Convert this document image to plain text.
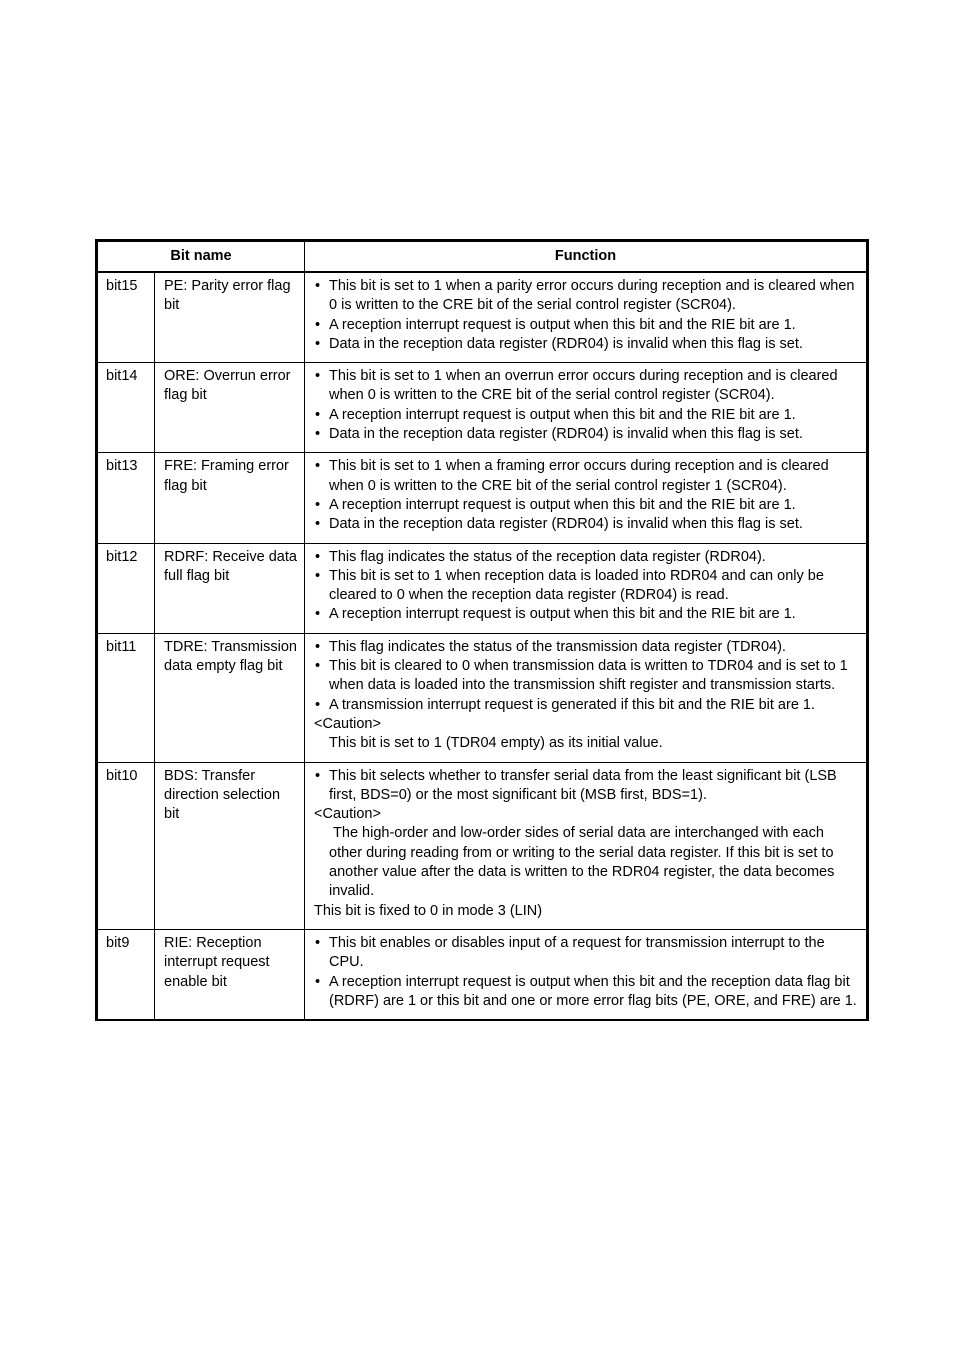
Bit name		Function
bit15	PE: Parity error flag bit	• This bit is set to 1 when a parity error occurs during reception and is cleared when 0 is written to the CRE bit of the serial control register (SCR04).
• A reception interrupt request is output when this bit and the RIE bit are 1.
• Data in the reception data register (RDR04) is invalid when this flag is set.

bit14	ORE: Overrun error flag bit	• This bit is set to 1 when an overrun error occurs during reception and is cleared when 0 is written to the CRE bit of the serial control register (SCR04).
• A reception interrupt request is output when this bit and the RIE bit are 1.
• Data in the reception data register (RDR04) is invalid when this flag is set.

bit13	FRE: Framing error flag bit	• This bit is set to 1 when a framing error occurs during reception and is cleared when 0 is written to the CRE bit of the serial control register 1 (SCR04).
• A reception interrupt request is output when this bit and the RIE bit are 1.
• Data in the reception data register (RDR04) is invalid when this flag is set.

bit12	RDRF: Receive data full flag bit	• This flag indicates the status of the reception data register (RDR04).
• This bit is set to 1 when reception data is loaded into RDR04 and can only be cleared to 0 when the reception data register (RDR04) is read.
• A reception interrupt request is output when this bit and the RIE bit are 1.

bit11	TDRE: Transmission data empty flag bit	• This flag indicates the status of the transmission data register (TDR04).
• This bit is cleared to 0 when transmission data is written to TDR04 and is set to 1 when data is loaded into the transmission shift register and transmission starts.
• A transmission interrupt request is generated if this bit and the RIE bit are 1.
<Caution>
This bit is set to 1 (TDR04 empty) as its initial value.

bit10	BDS: Transfer direction selection bit	• This bit selects whether to transfer serial data from the least significant bit (LSB first, BDS=0) or the most significant bit (MSB first, BDS=1).
<Caution>
The high-order and low-order sides of serial data are interchanged with each other during reading from or writing to the serial data register. If this bit is set to another value after the data is written to the RDR04 register, the data becomes invalid.
This bit is fixed to 0 in mode 3 (LIN)

bit9	RIE: Reception interrupt request enable bit	• This bit enables or disables input of a request for transmission interrupt to the CPU.
• A reception interrupt request is output when this bit and the reception data flag bit (RDRF) are 1 or this bit and one or more error flag bits (PE, ORE, and FRE) are 1.
